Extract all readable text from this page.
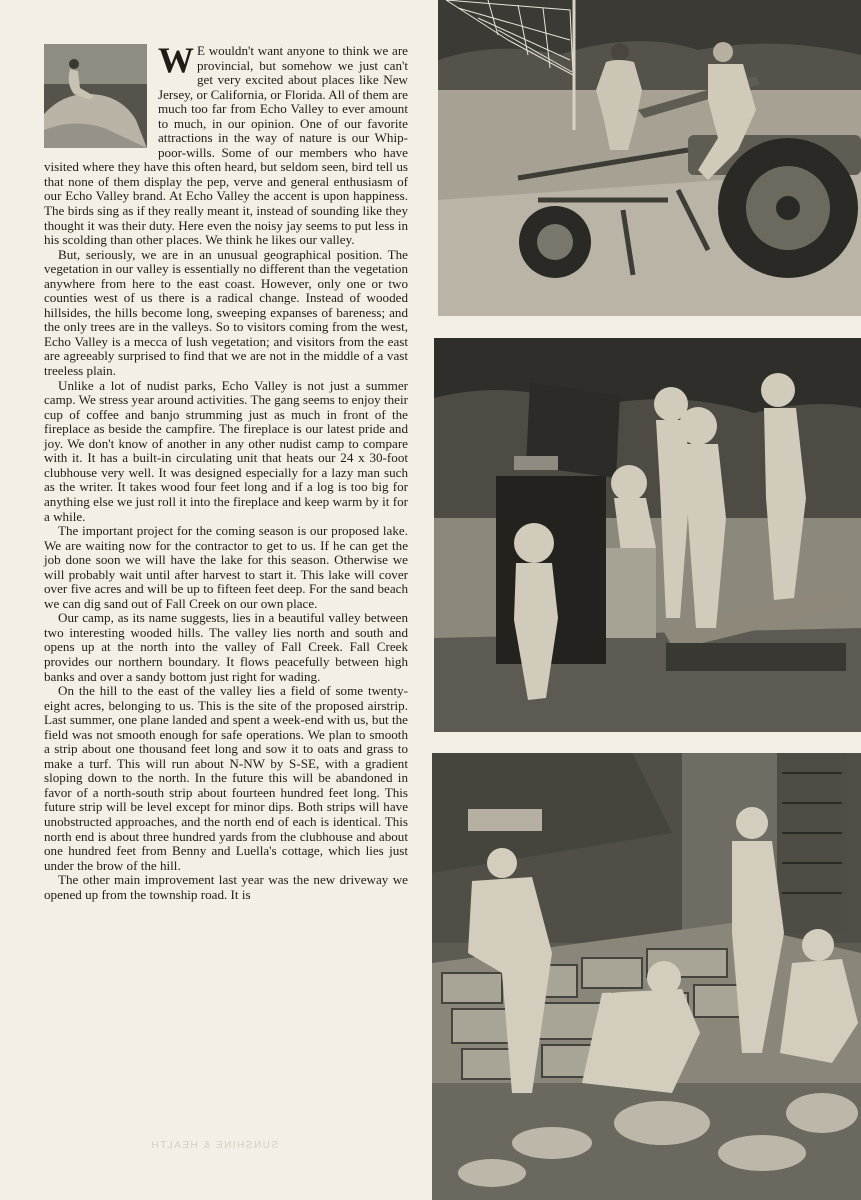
W E wouldn't want anyone to think we are provincial, but somehow we just can't get very excited about places like New Jersey, or California, or Florida. All of them are much too far from Echo Valley to ever amount to much, in our opinion. One of our favorite attractions in the way of nature is our Whip-poor-wills. Some of our members who have visited where they have this often heard, but seldom seen, bird tell us that none of them display the pep, verve and general enthusiasm of our Echo Valley brand. At Echo Valley the accent is upon happiness. The birds sing as if they really meant it, instead of sounding like they thought it was their duty. Here even the noisy jay seems to put less in his scolding than other places. We think he likes our valley.

But, seriously, we are in an unusual geographical position. The vegetation in our valley is essentially no different than the vegetation anywhere from here to the east coast. However, only one or two counties west of us there is a radical change. Instead of wooded hillsides, the hills become long, sweeping expanses of bareness; and the only trees are in the valleys. So to visitors coming from the west, Echo Valley is a mecca of lush vegetation; and visitors from the east are agreeably surprised to find that we are not in the middle of a vast treeless plain.

Unlike a lot of nudist parks, Echo Valley is not just a summer camp. We stress year around activities. The gang seems to enjoy their cup of coffee and banjo strumming just as much in front of the fireplace as beside the campfire. The fireplace is our latest pride and joy. We don't know of another in any other nudist camp to compare with it. It has a built-in circulating unit that heats our 24 x 30-foot clubhouse very well. It was designed especially for a lazy man such as the writer. It takes wood four feet long and if a log is too big for anything else we just roll it into the fireplace and keep warm by it for a while.

The important project for the coming season is our proposed lake. We are waiting now for the contractor to get to us. If he can get the job done soon we will have the lake for this season. Otherwise we will probably wait until after harvest to start it. This lake will cover over five acres and will be up to fifteen feet deep. For the sand beach we can dig sand out of Fall Creek on our own place.

Our camp, as its name suggests, lies in a beautiful valley between two interesting wooded hills. The valley lies north and south and opens up at the north into the valley of Fall Creek. Fall Creek provides our northern boundary. It flows peacefully between high banks and over a sandy bottom just right for wading.

On the hill to the east of the valley lies a field of some twenty-eight acres, belonging to us. This is the site of the proposed airstrip. Last summer, one plane landed and spent a week-end with us, but the field was not smooth enough for safe operations. We plan to smooth a strip about one thousand feet long and sow it to oats and grass to make a turf. This will run about N-NW by S-SE, with a gradient sloping down to the north. In the future this will be abandoned in favor of a north-south strip about fourteen hundred feet long. This future strip will be level except for minor dips. Both strips will have unobstructed approaches, and the north end of each is identical. This north end is about three hundred yards from the clubhouse and about one hundred feet from Benny and Luella's cottage, which lies just under the brow of the hill.

The other main improvement last year was the new driveway we opened up from the township road. It is

SUNSHINE & HEALTH
